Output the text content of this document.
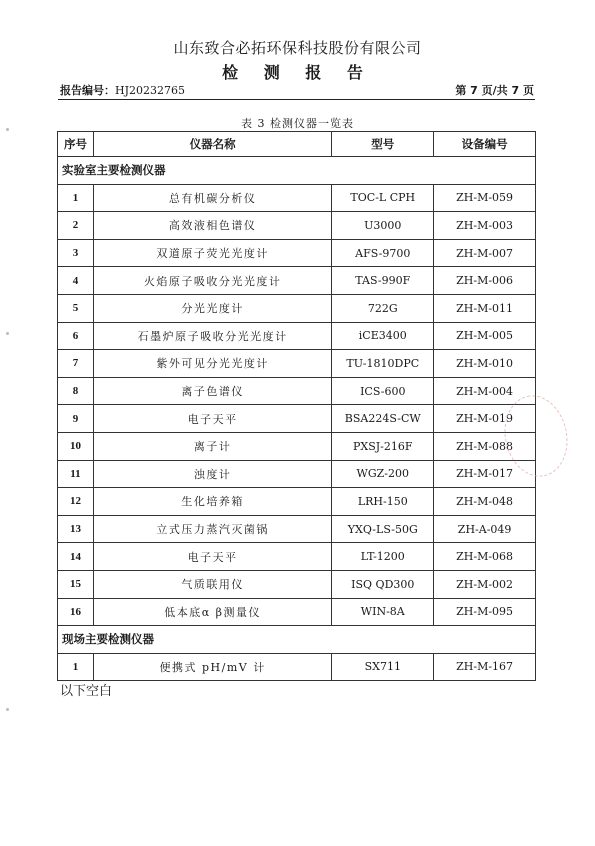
山东致合必拓环保科技股份有限公司
检 测 报 告
报告编号：HJ20232765	第 7 页/共 7 页
表 3 检测仪器一览表
序号	仪器名称	型号	设备编号
实验室主要检测仪器			
1	总有机碳分析仪	TOC-L CPH	ZH-M-059
2	高效液相色谱仪	U3000	ZH-M-003
3	双道原子荧光光度计	AFS-9700	ZH-M-007
4	火焰原子吸收分光光度计	TAS-990F	ZH-M-006
5	分光光度计	722G	ZH-M-011
6	石墨炉原子吸收分光光度计	iCE3400	ZH-M-005
7	紫外可见分光光度计	TU-1810DPC	ZH-M-010
8	离子色谱仪	ICS-600	ZH-M-004
9	电子天平	BSA224S-CW	ZH-M-019
10	离子计	PXSJ-216F	ZH-M-088
11	浊度计	WGZ-200	ZH-M-017
12	生化培养箱	LRH-150	ZH-M-048
13	立式压力蒸汽灭菌锅	YXQ-LS-50G	ZH-A-049
14	电子天平	LT-1200	ZH-M-068
15	气质联用仪	ISQ QD300	ZH-M-002
16	低本底α β测量仪	WIN-8A	ZH-M-095
现场主要检测仪器			
1	便携式 pH/mV 计	SX711	ZH-M-167
以下空白
